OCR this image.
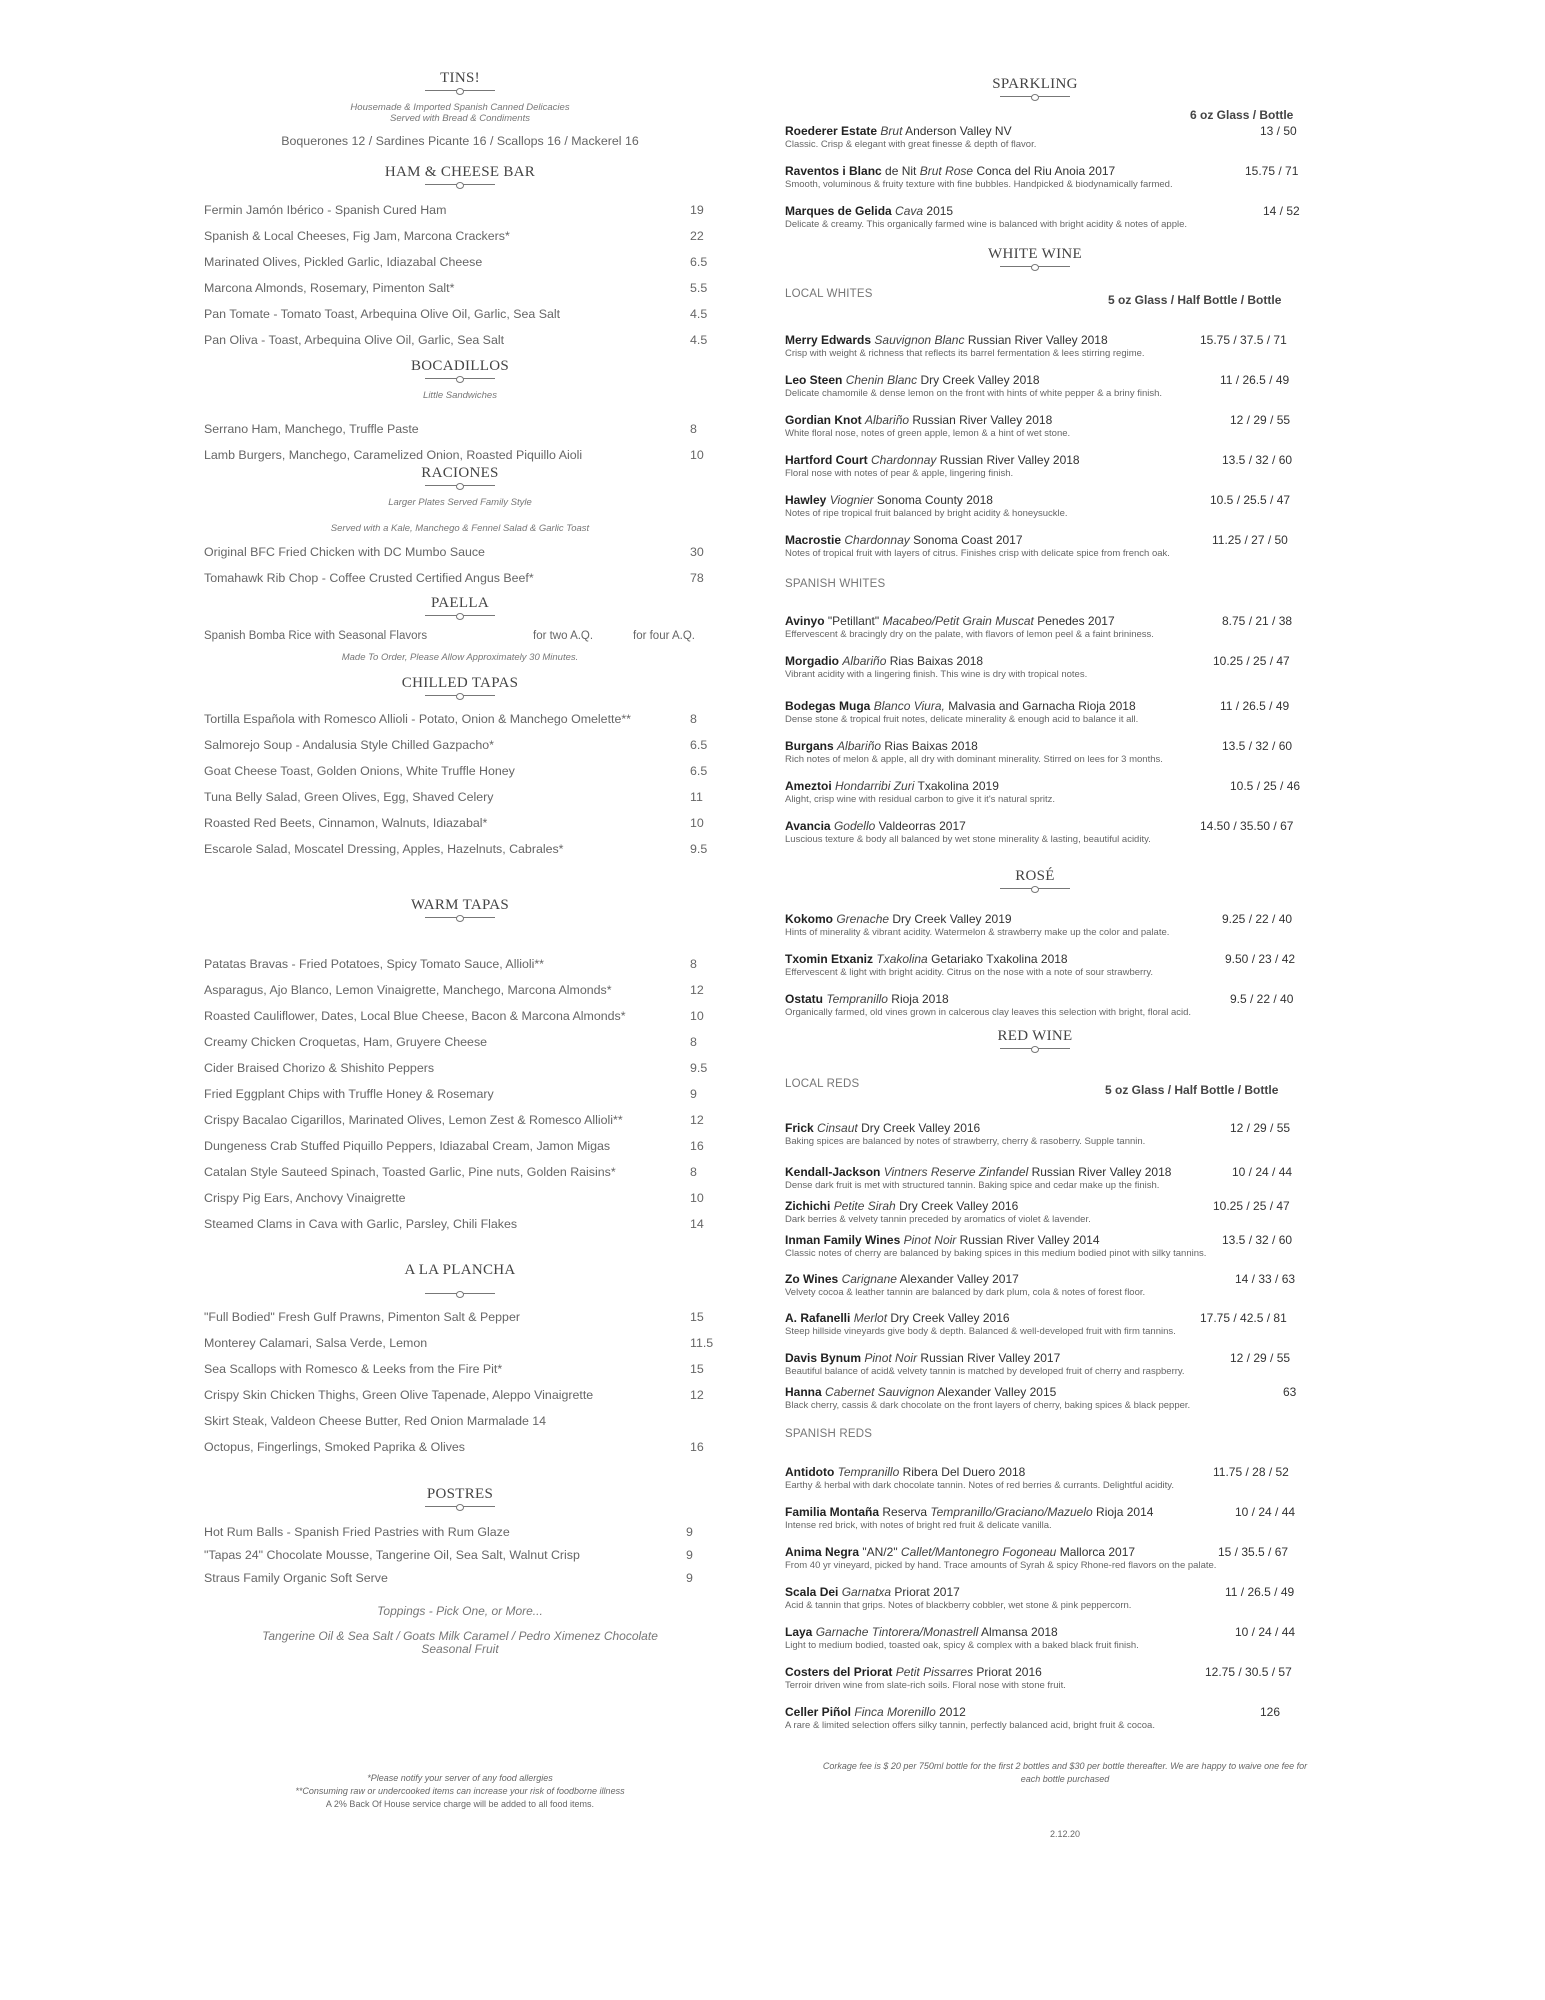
TINS!
Housemade & Imported Spanish Canned Delicacies
Served with Bread & Condiments
Boquerones 12 / Sardines Picante 16 / Scallops 16 / Mackerel 16
HAM & CHEESE BAR
Fermin Jamón Ibérico - Spanish Cured Ham	19
Spanish & Local Cheeses, Fig Jam, Marcona Crackers*	22
Marinated Olives, Pickled Garlic, Idiazabal Cheese	6.5
Marcona Almonds, Rosemary, Pimenton Salt*	5.5
Pan Tomate - Tomato Toast, Arbequina Olive Oil, Garlic, Sea Salt	4.5
Pan Oliva - Toast, Arbequina Olive Oil, Garlic, Sea Salt	4.5
BOCADILLOS
Little Sandwiches
Serrano Ham, Manchego, Truffle Paste	8
Lamb Burgers, Manchego, Caramelized Onion, Roasted Piquillo Aioli	10
RACIONES
Larger Plates Served Family Style
Served with a Kale, Manchego & Fennel Salad & Garlic Toast
Original BFC Fried Chicken with DC Mumbo Sauce	30
Tomahawk Rib Chop - Coffee Crusted Certified Angus Beef*	78
PAELLA
Spanish Bomba Rice with Seasonal Flavors	for two A.Q.	for four A.Q.
Made To Order, Please Allow Approximately 30 Minutes.
CHILLED TAPAS
Tortilla Española with Romesco Allioli - Potato, Onion & Manchego Omelette**	8
Salmorejo Soup - Andalusia Style Chilled Gazpacho*	6.5
Goat Cheese Toast, Golden Onions, White Truffle Honey	6.5
Tuna Belly Salad, Green Olives, Egg, Shaved Celery	11
Roasted Red Beets, Cinnamon, Walnuts, Idiazabal*	10
Escarole Salad, Moscatel Dressing, Apples, Hazelnuts, Cabrales*	9.5
WARM TAPAS
Patatas Bravas - Fried Potatoes, Spicy Tomato Sauce, Allioli**	8
Asparagus, Ajo Blanco, Lemon Vinaigrette, Manchego, Marcona Almonds*	12
Roasted Cauliflower, Dates, Local Blue Cheese, Bacon & Marcona Almonds*	10
Creamy Chicken Croquetas, Ham, Gruyere Cheese	8
Cider Braised Chorizo & Shishito Peppers	9.5
Fried Eggplant Chips with Truffle Honey & Rosemary	9
Crispy Bacalao Cigarillos, Marinated Olives, Lemon Zest & Romesco Allioli**	12
Dungeness Crab Stuffed Piquillo Peppers, Idiazabal Cream, Jamon Migas	16
Catalan Style Sauteed Spinach, Toasted Garlic, Pine nuts, Golden Raisins*	8
Crispy Pig Ears, Anchovy Vinaigrette	10
Steamed Clams in Cava with Garlic, Parsley, Chili Flakes	14
A LA PLANCHA
"Full Bodied" Fresh Gulf Prawns, Pimenton Salt & Pepper	15
Monterey Calamari, Salsa Verde, Lemon	11.5
Sea Scallops with Romesco & Leeks from the Fire Pit*	15
Crispy Skin Chicken Thighs, Green Olive Tapenade, Aleppo Vinaigrette	12
Skirt Steak, Valdeon Cheese Butter, Red Onion Marmalade 14
Octopus, Fingerlings, Smoked Paprika & Olives	16
POSTRES
Hot Rum Balls - Spanish Fried Pastries with Rum Glaze	9
"Tapas 24" Chocolate Mousse, Tangerine Oil, Sea Salt, Walnut Crisp	9
Straus Family Organic Soft Serve	9
Toppings - Pick One, or More...
Tangerine Oil & Sea Salt / Goats Milk Caramel / Pedro Ximenez Chocolate
Seasonal Fruit
*Please notify your server of any food allergies
**Consuming raw or undercooked items can increase your risk of foodborne illness
A 2% Back Of House service charge will be added to all food items.
SPARKLING
6 oz Glass / Bottle
Roederer Estate Brut Anderson Valley NV	13 / 50
Classic. Crisp & elegant with great finesse & depth of flavor.
Raventos i Blanc de Nit Brut Rose Conca del Riu Anoia 2017	15.75 / 71
Smooth, voluminous & fruity texture with fine bubbles. Handpicked & biodynamically farmed.
Marques de Gelida Cava 2015	14 / 52
Delicate & creamy. This organically farmed wine is balanced with bright acidity & notes of apple.
WHITE WINE
LOCAL WHITES	5 oz Glass / Half Bottle / Bottle
Merry Edwards Sauvignon Blanc Russian River Valley 2018	15.75 / 37.5 / 71
Crisp with weight & richness that reflects its barrel fermentation & lees stirring regime.
Leo Steen Chenin Blanc Dry Creek Valley 2018	11 / 26.5 / 49
Delicate chamomile & dense lemon on the front with hints of white pepper & a briny finish.
Gordian Knot Albariño Russian River Valley 2018	12 / 29 / 55
White floral nose, notes of green apple, lemon & a hint of wet stone.
Hartford Court Chardonnay Russian River Valley 2018	13.5 / 32 / 60
Floral nose with notes of pear & apple, lingering finish.
Hawley Viognier Sonoma County 2018	10.5 / 25.5 / 47
Notes of ripe tropical fruit balanced by bright acidity & honeysuckle.
Macrostie Chardonnay Sonoma Coast 2017	11.25 / 27 / 50
Notes of tropical fruit with layers of citrus. Finishes crisp with delicate spice from french oak.
SPANISH WHITES
Avinyo "Petillant" Macabeo/Petit Grain Muscat Penedes 2017	8.75 / 21 / 38
Effervescent & bracingly dry on the palate, with flavors of lemon peel & a faint brininess.
Morgadio Albariño Rias Baixas 2018	10.25 / 25 / 47
Vibrant acidity with a lingering finish. This wine is dry with tropical notes.
Bodegas Muga Blanco Viura, Malvasia and Garnacha Rioja 2018	11 / 26.5 / 49
Dense stone & tropical fruit notes, delicate minerality & enough acid to balance it all.
Burgans Albariño Rias Baixas 2018	13.5 / 32 / 60
Rich notes of melon & apple, all dry with dominant minerality. Stirred on lees for 3 months.
Ameztoi Hondarribi Zuri Txakolina 2019	10.5 / 25 / 46
Alight, crisp wine with residual carbon to give it it's natural spritz.
Avancia Godello Valdeorras 2017	14.50 / 35.50 / 67
Luscious texture & body all balanced by wet stone minerality & lasting, beautiful acidity.
ROSÉ
Kokomo Grenache Dry Creek Valley 2019	9.25 / 22 / 40
Hints of minerality & vibrant acidity. Watermelon & strawberry make up the color and palate.
Txomin Etxaniz Txakolina Getariako Txakolina 2018	9.50 / 23 / 42
Effervescent & light with bright acidity. Citrus on the nose with a note of sour strawberry.
Ostatu Tempranillo Rioja 2018	9.5 / 22 / 40
Organically farmed, old vines grown in calcerous clay leaves this selection with bright, floral acid.
RED WINE
LOCAL REDS	5 oz Glass / Half Bottle / Bottle
Frick Cinsaut Dry Creek Valley 2016	12 / 29 / 55
Baking spices are balanced by notes of strawberry, cherry & rasoberry. Supple tannin.
Kendall-Jackson Vintners Reserve Zinfandel Russian River Valley 2018	10 / 24 / 44
Dense dark fruit is met with structured tannin. Baking spice and cedar make up the finish.
Zichichi Petite Sirah Dry Creek Valley 2016	10.25 / 25 / 47
Dark berries & velvety tannin preceded by aromatics of violet & lavender.
Inman Family Wines Pinot Noir Russian River Valley 2014	13.5 / 32 / 60
Classic notes of cherry are balanced by baking spices in this medium bodied pinot with silky tannins.
Zo Wines Carignane Alexander Valley 2017	14 / 33 / 63
Velvety cocoa & leather tannin are balanced by dark plum, cola & notes of forest floor.
A. Rafanelli Merlot Dry Creek Valley 2016	17.75 / 42.5 / 81
Steep hillside vineyards give body & depth. Balanced & well-developed fruit with firm tannins.
Davis Bynum Pinot Noir Russian River Valley 2017	12 / 29 / 55
Beautiful balance of acid& velvety tannin is matched by developed fruit of cherry and raspberry.
Hanna Cabernet Sauvignon Alexander Valley 2015	63
Black cherry, cassis & dark chocolate on the front layers of cherry, baking spices & black pepper.
SPANISH REDS
Antidoto Tempranillo Ribera Del Duero 2018	11.75 / 28 / 52
Earthy & herbal with dark chocolate tannin. Notes of red berries & currants. Delightful acidity.
Familia Montaña Reserva Tempranillo/Graciano/Mazuelo Rioja 2014	10 / 24 / 44
Intense red brick, with notes of bright red fruit & delicate vanilla.
Anima Negra "AN/2" Callet/Mantonegro Fogoneau Mallorca 2017	15 / 35.5 / 67
From 40 yr vineyard, picked by hand. Trace amounts of Syrah & spicy Rhone-red flavors on the palate.
Scala Dei Garnatxa Priorat 2017	11 / 26.5 / 49
Acid & tannin that grips. Notes of blackberry cobbler, wet stone & pink peppercorn.
Laya Garnache Tintorera/Monastrell Almansa 2018	10 / 24 / 44
Light to medium bodied, toasted oak, spicy & complex with a baked black fruit finish.
Costers del Priorat Petit Pissarres Priorat 2016	12.75 / 30.5 / 57
Terroir driven wine from slate-rich soils. Floral nose with stone fruit.
Celler Piñol Finca Morenillo 2012	126
A rare & limited selection offers silky tannin, perfectly balanced acid, bright fruit & cocoa.
Corkage fee is $ 20 per 750ml bottle for the first 2 bottles and $30 per bottle thereafter. We are happy to waive one fee for
each bottle purchased
2.12.20
